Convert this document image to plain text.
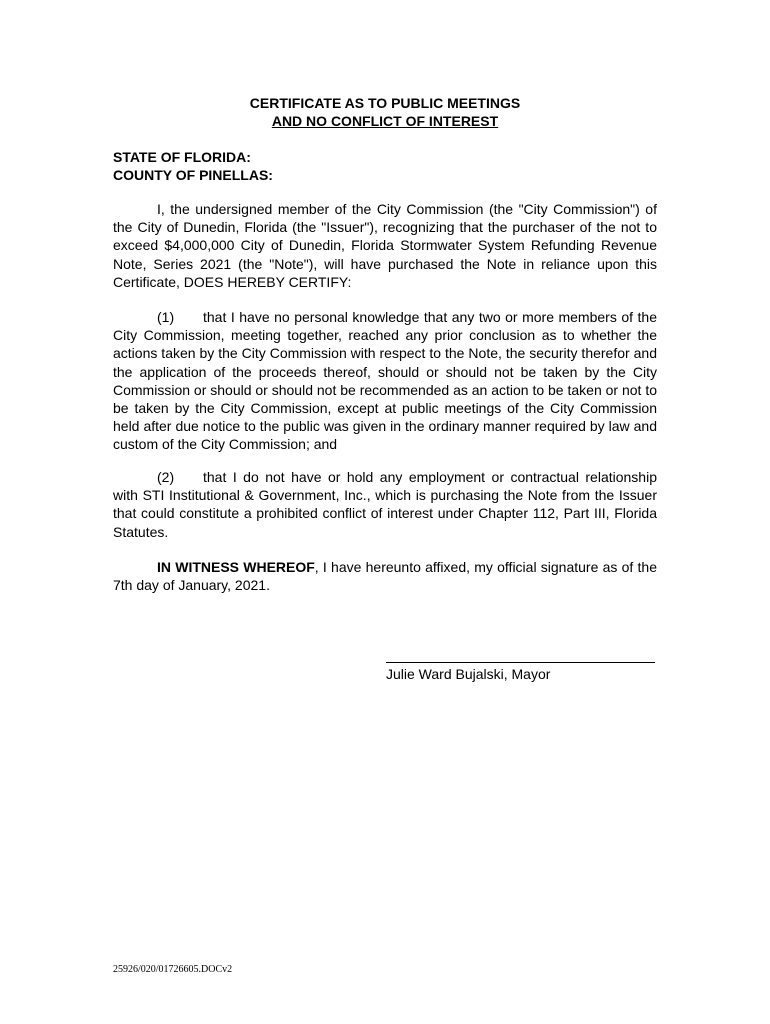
CERTIFICATE AS TO PUBLIC MEETINGS
AND NO CONFLICT OF INTEREST
STATE OF FLORIDA:
COUNTY OF PINELLAS:

I, the undersigned member of the City Commission (the "City Commission") of the City of Dunedin, Florida (the "Issuer"), recognizing that the purchaser of the not to exceed $4,000,000 City of Dunedin, Florida Stormwater System Refunding Revenue Note, Series 2021 (the "Note"), will have purchased the Note in reliance upon this Certificate, DOES HEREBY CERTIFY:

(1) that I have no personal knowledge that any two or more members of the City Commission, meeting together, reached any prior conclusion as to whether the actions taken by the City Commission with respect to the Note, the security therefor and the application of the proceeds thereof, should or should not be taken by the City Commission or should or should not be recommended as an action to be taken or not to be taken by the City Commission, except at public meetings of the City Commission held after due notice to the public was given in the ordinary manner required by law and custom of the City Commission; and

(2) that I do not have or hold any employment or contractual relationship with STI Institutional & Government, Inc., which is purchasing the Note from the Issuer that could constitute a prohibited conflict of interest under Chapter 112, Part III, Florida Statutes.

IN WITNESS WHEREOF, I have hereunto affixed, my official signature as of the 7th day of January, 2021.

Julie Ward Bujalski, Mayor
25926/020/01726605.DOCv2
